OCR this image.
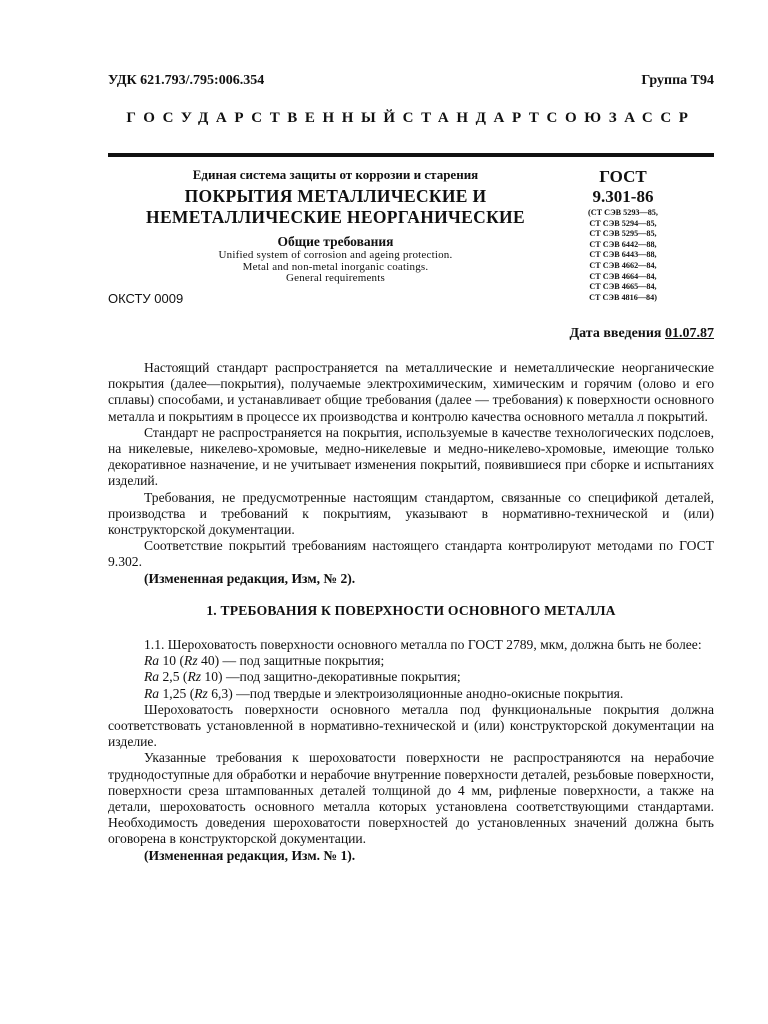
УДК 621.793/.795:006.354	Группа Т94
ГОСУДАРСТВЕННЫЙСТАНДАРТСОЮЗАССР
Единая система защиты от коррозии и старения
ПОКРЫТИЯ МЕТАЛЛИЧЕСКИЕ И
НЕМЕТАЛЛИЧЕСКИЕ НЕОРГАНИЧЕСКИЕ
Общие требования
Unified system of corrosion and ageing protection.
Metal and non-metal inorganic coatings.
General requirements
ОКСТУ 0009
ГОСТ
9.301-86
(СТ СЭВ 5293—85,
СТ СЭВ 5294—85,
СТ СЭВ 5295—85,
СТ СЭВ 6442—88,
СТ СЭВ 6443—88,
СТ СЭВ 4662—84,
СТ СЭВ 4664—84,
СТ СЭВ 4665—84,
СТ СЭВ 4816—84)
Дата введения 01.07.87

Настоящий стандарт распространяется na металлические и неметаллические неорганические покрытия (далее—покрытия), получаемые электрохимическим, химическим и горячим (олово и его сплавы) способами, и устанавливает общие требования (далее — требования) к поверхности основного металла и покрытиям в процессе их производства и контролю качества основного металла л покрытий.

Стандарт не распространяется на покрытия, используемые в качестве технологических подслоев, на никелевые, никелево-хромовые, медно-никелевые и медно-никелево-хромовые, имеющие только декоративное назначение, и не учитывает изменения покрытий, появившиеся при сборке и испытаниях изделий.

Требования, не предусмотренные настоящим стандартом, связанные со спецификой деталей, производства и требований к покрытиям, указывают в нормативно-технической и (или) конструкторской документации.

Соответствие покрытий требованиям настоящего стандарта контролируют методами по ГОСТ 9.302.

(Измененная редакция, Изм, № 2).

1. ТРЕБОВАНИЯ К ПОВЕРХНОСТИ ОСНОВНОГО МЕТАЛЛА

1.1. Шероховатость поверхности основного металла по ГОСТ 2789, мкм, должна быть не более:

Ra 10 (Rz 40) — под защитные покрытия;

Ra 2,5 (Rz 10) —под защитно-декоративные покрытия;

Ra 1,25 (Rz 6,3) —под твердые и электроизоляционные анодно-окисные покрытия.

Шероховатость поверхности основного металла под функциональные покрытия должна соответствовать установленной в нормативно-технической и (или) конструкторской документации на изделие.

Указанные требования к шероховатости поверхности не распространяются на нерабочие труднодоступные для обработки и нерабочие внутренние поверхности деталей, резьбовые поверхности, поверхности среза штампованных деталей толщиной до 4 мм, рифленые поверхности, а также на детали, шероховатость основного металла которых установлена соответствующими стандартами. Необходимость доведения шероховатости поверхностей до установленных значений должна быть оговорена в конструкторской документации.

(Измененная редакция, Изм. № 1).
